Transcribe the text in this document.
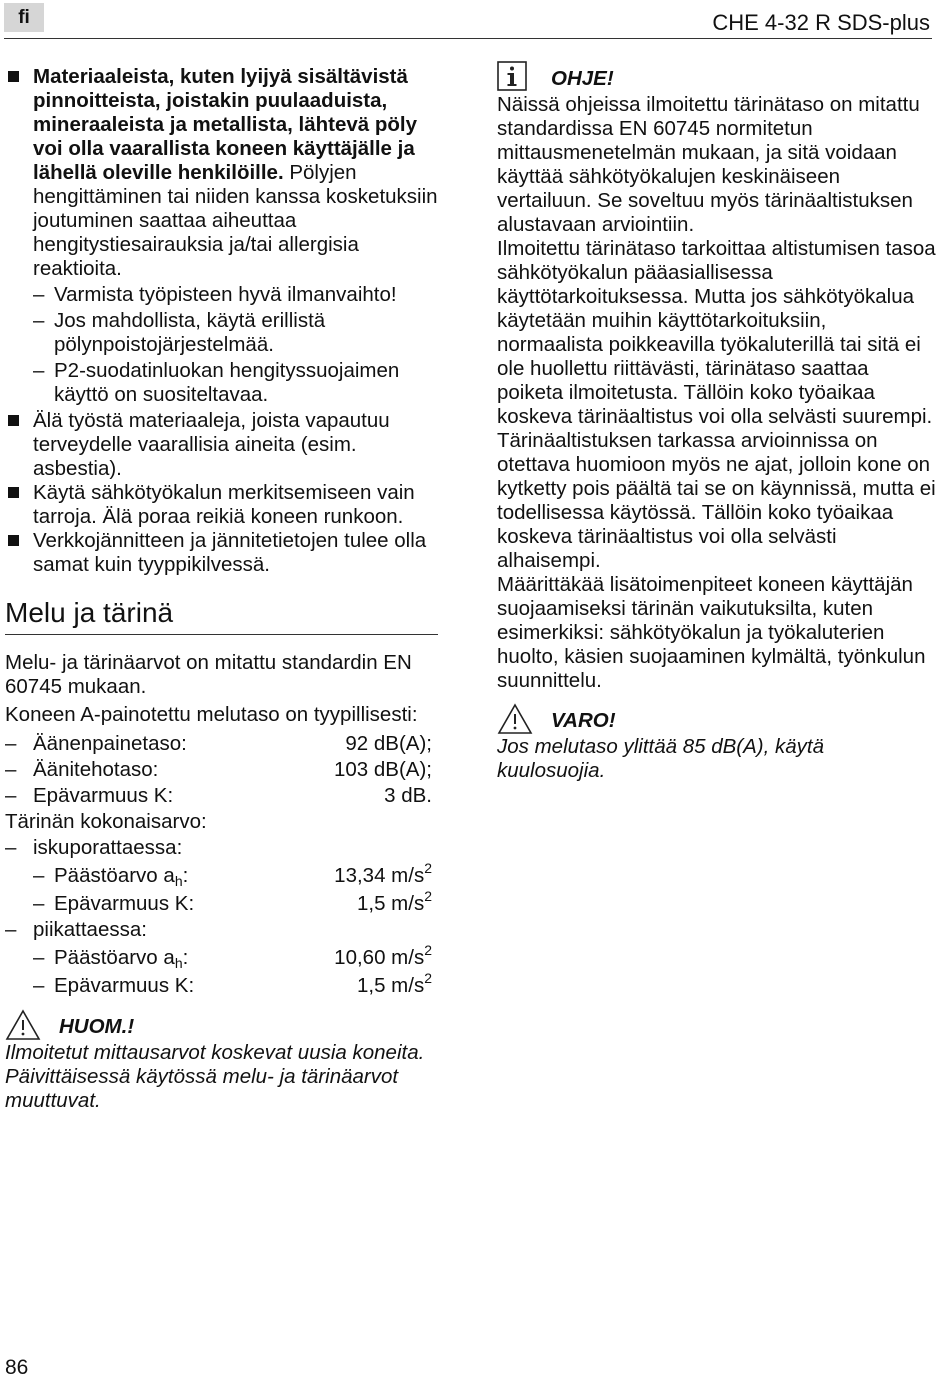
fi	CHE 4-32 R SDS-plus

Materiaaleista, kuten lyijyä sisältävistä pinnoitteista, joistakin puulaaduista, mineraaleista ja metallista, lähtevä pöly voi olla vaarallista koneen käyttäjälle ja lähellä oleville henkilöille. Pölyjen hengittäminen tai niiden kanssa kosketuksiin joutuminen saattaa aiheuttaa hengitystiesairauksia ja/tai allergisia reaktioita.

– Varmista työpisteen hyvä ilmanvaihto!

– Jos mahdollista, käytä erillistä pölynpoistojärjestelmää.

– P2-suodatinluokan hengityssuojaimen käyttö on suositeltavaa.

Älä työstä materiaaleja, joista vapautuu terveydelle vaarallisia aineita (esim. asbestia).

Käytä sähkötyökalun merkitsemiseen vain tarroja. Älä poraa reikiä koneen runkoon.

Verkkojännitteen ja jännitetietojen tulee olla samat kuin tyyppikilvessä.

Melu ja tärinä

Melu- ja tärinäarvot on mitattu standardin EN 60745 mukaan.

Koneen A-painotettu melutaso on tyypillisesti:

– Äänenpainetaso:	92 dB(A);
– Äänitehotaso:	103 dB(A);
– Epävarmuus K:	3 dB.
Tärinän kokonaisarvo:
– iskuporattaessa:
– Päästöarvo $a_h$:	13,34 $m/s^2$
– Epävarmuus K:	1,5 $m/s^2$
– piikattaessa:
– Päästöarvo $a_h$:	10,60 $m/s^2$
– Epävarmuus K:	1,5 $m/s^2$
HUOM.!

Ilmoitetut mittausarvot koskevat uusia koneita. Päivittäisessä käytössä melu- ja tärinäarvot muuttuvat.

OHJE!

Näissä ohjeissa ilmoitettu tärinätaso on mitattu standardissa EN 60745 normitetun mittausmenetelmän mukaan, ja sitä voidaan käyttää sähkötyökalujen keskinäiseen vertailuun. Se soveltuu myös tärinäaltistuksen alustavaan arviointiin.

Ilmoitettu tärinätaso tarkoittaa altistumisen tasoa sähkötyökalun pääasiallisessa käyttötarkoituksessa. Mutta jos sähkötyökalua käytetään muihin käyttötarkoituksiin, normaalista poikkeavilla työkaluterillä tai sitä ei ole huollettu riittävästi, tärinätaso saattaa poiketa ilmoitetusta. Tällöin koko työaikaa koskeva tärinäaltistus voi olla selvästi suurempi.

Tärinäaltistuksen tarkassa arvioinnissa on otettava huomioon myös ne ajat, jolloin kone on kytketty pois päältä tai se on käynnissä, mutta ei todellisessa käytössä. Tällöin koko työaikaa koskeva tärinäaltistus voi olla selvästi alhaisempi.

Määrittäkää lisätoimenpiteet koneen käyttäjän suojaamiseksi tärinän vaikutuksilta, kuten esimerkiksi: sähkötyökalun ja työkaluterien huolto, käsien suojaaminen kylmältä, työnkulun suunnittelu.

VARO!

Jos melutaso ylittää 85 dB(A), käytä kuulosuojia.

86
